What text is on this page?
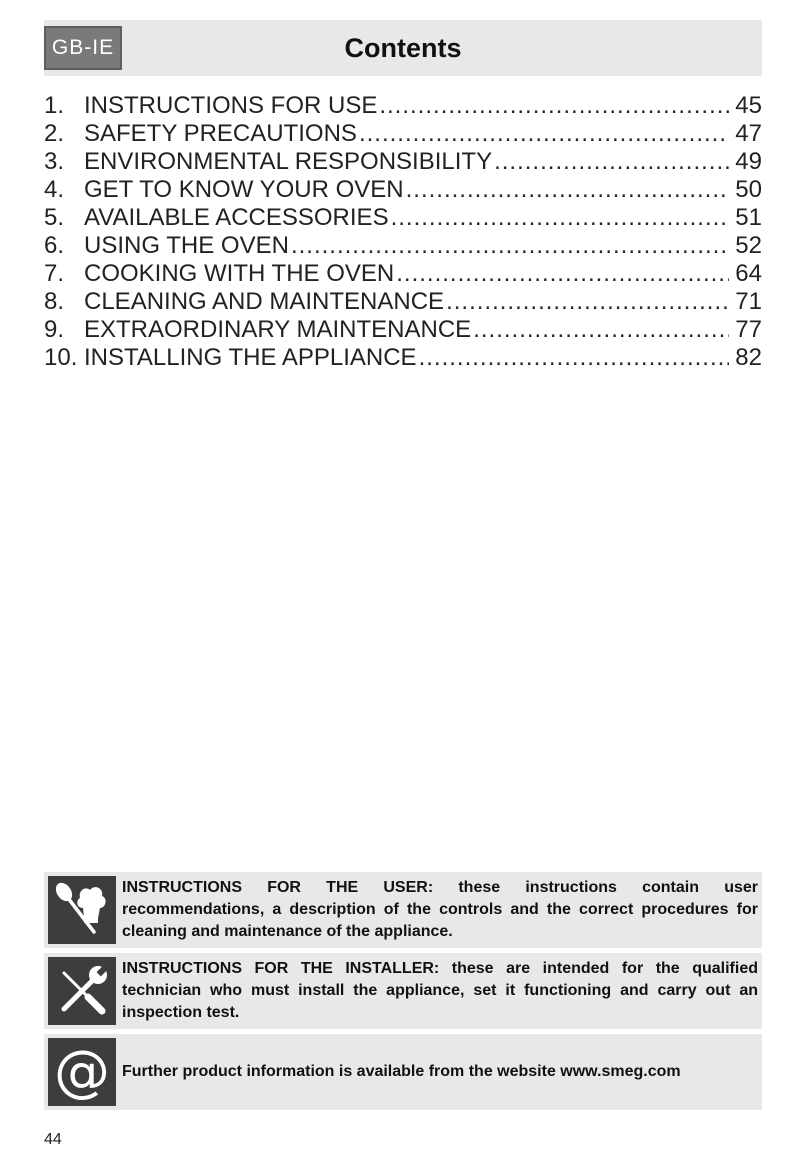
GB-IE	Contents
1. INSTRUCTIONS FOR USE .....	45
2. SAFETY PRECAUTIONS .....	47
3. ENVIRONMENTAL RESPONSIBILITY .....	49
4. GET TO KNOW YOUR OVEN .....	50
5. AVAILABLE ACCESSORIES .....	51
6. USING THE OVEN .....	52
7. COOKING WITH THE OVEN .....	64
8. CLEANING AND MAINTENANCE .....	71
9. EXTRAORDINARY MAINTENANCE .....	77
10. INSTALLING THE APPLIANCE .....	82
INSTRUCTIONS FOR THE USER: these instructions contain user recommendations, a description of the controls and the correct procedures for cleaning and maintenance of the appliance.
INSTRUCTIONS FOR THE INSTALLER: these are intended for the qualified technician who must install the appliance, set it functioning and carry out an inspection test.
@ Further product information is available from the website www.smeg.com
44
